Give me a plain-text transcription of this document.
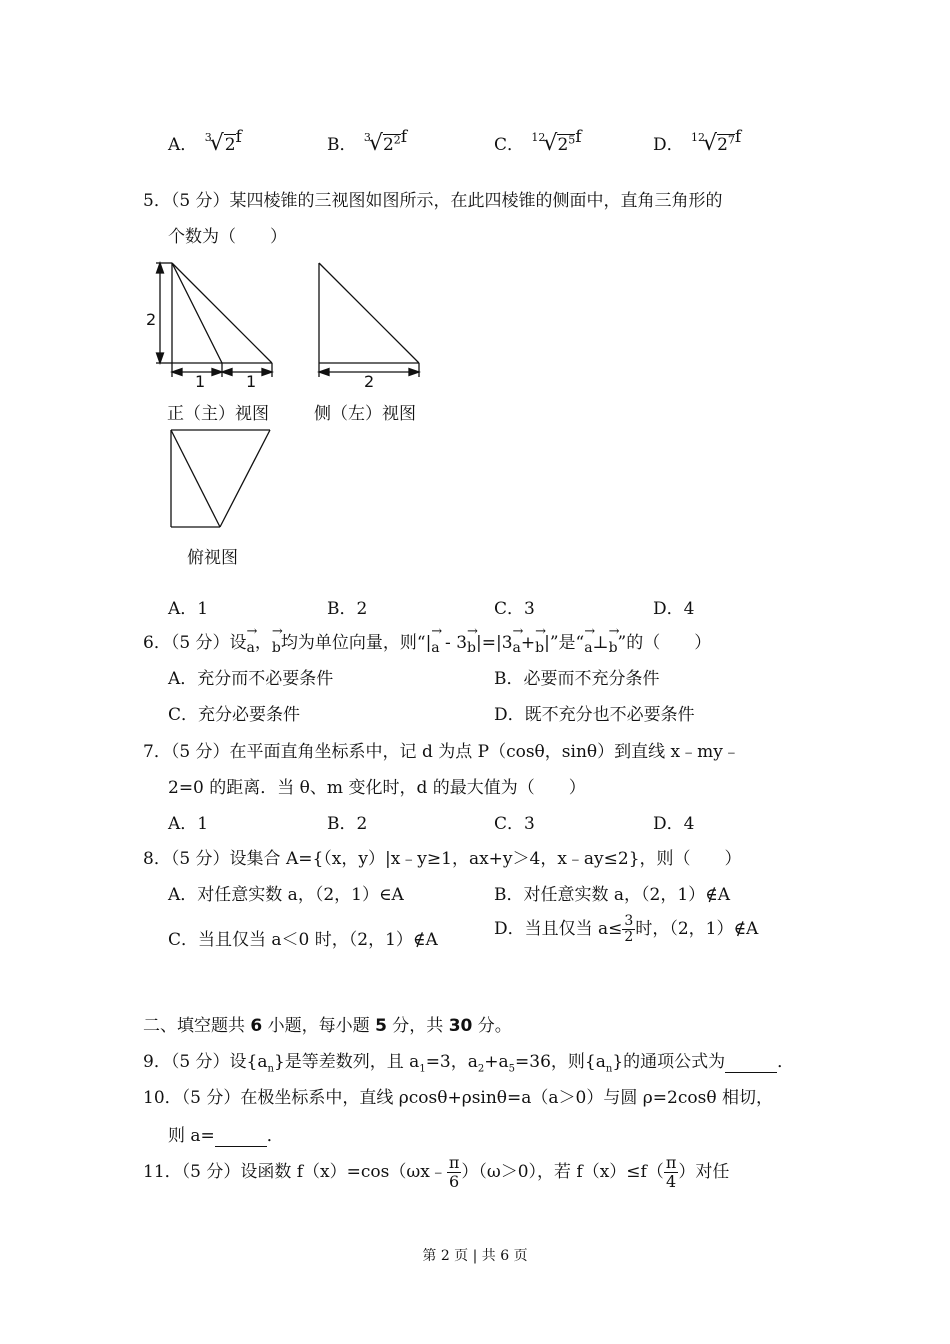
A． $^3$√2f	B． $^3√2^2f$	C． $^{12}√2^5f$	D． $^{12}√2^7f$
5．（5 分）某四棱锥的三视图如图所示，在此四棱锥的侧面中，直角三角形的
个数为（　　）
2
1	1
正（主）视图
2
侧（左）视图
俯视图
A．1	B．2	C．3	D．4
6．（5 分）设
→
$_a$，
→
$_b$均为单位向量，则“|
→
$_a$ - 3
→
$_b$|=|3
→
$_a$+
→
$_b$|”是“
→
$_a$⊥
→
$_b$”的（　　）
A．充分而不必要条件	B．必要而不充分条件
C．充分必要条件	D．既不充分也不必要条件
7．（5 分）在平面直角坐标系中，记 d 为点 P（cosθ，sinθ）到直线 x﹣my﹣
2=0 的距离．当 θ、m 变化时，d 的最大值为（　　）
A．1	B．2	C．3	D．4
8．（5 分）设集合 A={（x，y）|x﹣y≥1，ax+y＞4，x﹣ay≤2}，则（　　）
A．对任意实数 a，（2，1）∈A	B．对任意实数 a，（2，1）∉A
C．当且仅当 a＜0 时，（2，1）∉A
D．当且仅当 $a\le \frac{3}{2}$ 时，（2，1）∉A
二、填空题共 6 小题，每小题 5 分，共 30 分。
9．（5 分）设$\{a_n\}$是等差数列，且 $a_1=3$，$a_2+a_5=36$，则$\{a_n\}$的通项公式为	．
10．（5 分）在极坐标系中，直线 ρcosθ+ρsinθ=a（a＞0）与圆 ρ=2cosθ 相切，
则 a=	．
11．（5 分）设函数 f（x）=cos（ωx﹣ $\frac{\pi}{6} )(\omega>0)$，若 $f(x)\le f( \frac{\pi}{4}$ ）对任
第 2 页 | 共 6 页
